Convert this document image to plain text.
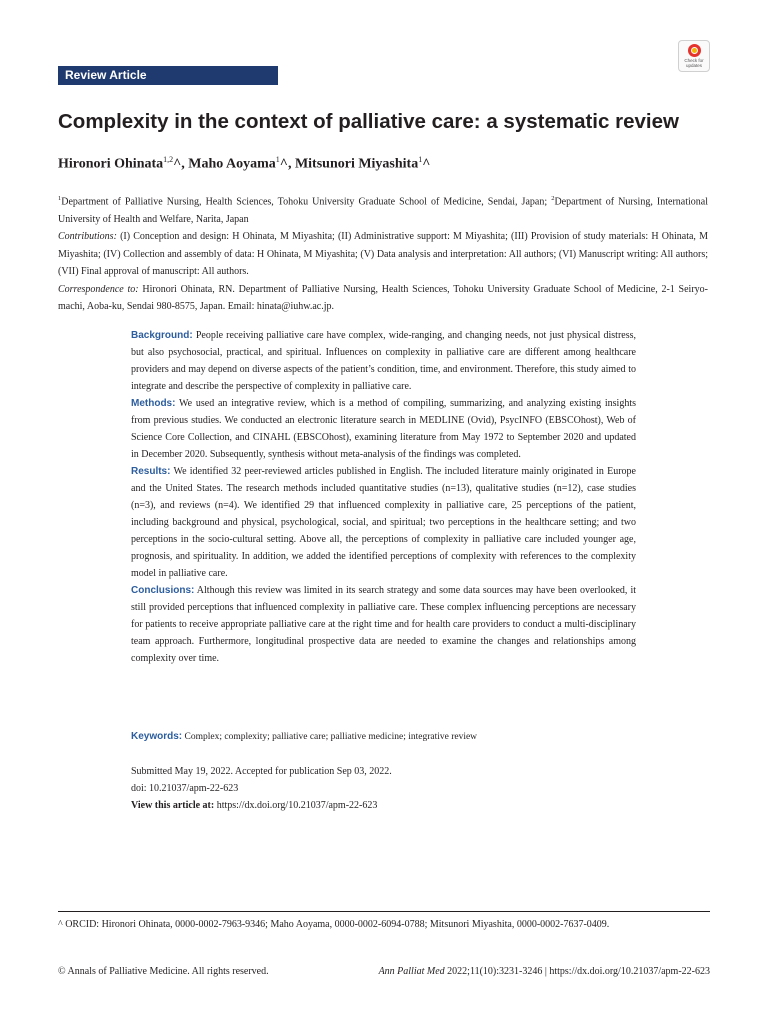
Review Article
Check for updates
Complexity in the context of palliative care: a systematic review
Hironori Ohinata$^{1,2}$^, Maho Aoyama$^1$^, Mitsunori Miyashita$^1$^

$^1$Department of Palliative Nursing, Health Sciences, Tohoku University Graduate School of Medicine, Sendai, Japan; $^2$Department of Nursing, International University of Health and Welfare, Narita, Japan

Contributions: (I) Conception and design: H Ohinata, M Miyashita; (II) Administrative support: M Miyashita; (III) Provision of study materials: H Ohinata, M Miyashita; (IV) Collection and assembly of data: H Ohinata, M Miyashita; (V) Data analysis and interpretation: All authors; (VI) Manuscript writing: All authors; (VII) Final approval of manuscript: All authors.

Correspondence to: Hironori Ohinata, RN. Department of Palliative Nursing, Health Sciences, Tohoku University Graduate School of Medicine, 2-1 Seiryo-machi, Aoba-ku, Sendai 980-8575, Japan. Email: hinata@iuhw.ac.jp.

Background: People receiving palliative care have complex, wide-ranging, and changing needs, not just physical distress, but also psychosocial, practical, and spiritual. Influences on complexity in palliative care are different among healthcare providers and may depend on diverse aspects of the patient’s condition, time, and environment. Therefore, this study aimed to integrate and describe the perspective of complexity in palliative care.

Methods: We used an integrative review, which is a method of compiling, summarizing, and analyzing existing insights from previous studies. We conducted an electronic literature search in MEDLINE (Ovid), PsycINFO (EBSCOhost), Web of Science Core Collection, and CINAHL (EBSCOhost), examining literature from May 1972 to September 2020 and updated in December 2020. Subsequently, synthesis without meta-analysis of the findings was completed.

Results: We identified 32 peer-reviewed articles published in English. The included literature mainly originated in Europe and the United States. The research methods included quantitative studies (n=13), qualitative studies (n=12), case studies (n=3), and reviews (n=4). We identified 29 that influenced complexity in palliative care, 25 perceptions of the patient, including background and physical, psychological, social, and spiritual; two perceptions in the healthcare setting; and two perceptions in the socio-cultural setting. Above all, the perceptions of complexity in palliative care included younger age, prognosis, and spirituality. In addition, we added the identified perceptions of complexity with references to the complexity model in palliative care.

Conclusions: Although this review was limited in its search strategy and some data sources may have been overlooked, it still provided perceptions that influenced complexity in palliative care. These complex influencing perceptions are necessary for patients to receive appropriate palliative care at the right time and for health care providers to conduct a multi-disciplinary team approach. Furthermore, longitudinal prospective data are needed to examine the changes and relationships among complexity over time.

Keywords: Complex; complexity; palliative care; palliative medicine; integrative review
Submitted May 19, 2022. Accepted for publication Sep 03, 2022.
doi: 10.21037/apm-22-623
View this article at: https://dx.doi.org/10.21037/apm-22-623
^ ORCID: Hironori Ohinata, 0000-0002-7963-9346; Maho Aoyama, 0000-0002-6094-0788; Mitsunori Miyashita, 0000-0002-7637-0409.
© Annals of Palliative Medicine. All rights reserved.	Ann Palliat Med 2022;11(10):3231-3246 | https://dx.doi.org/10.21037/apm-22-623
